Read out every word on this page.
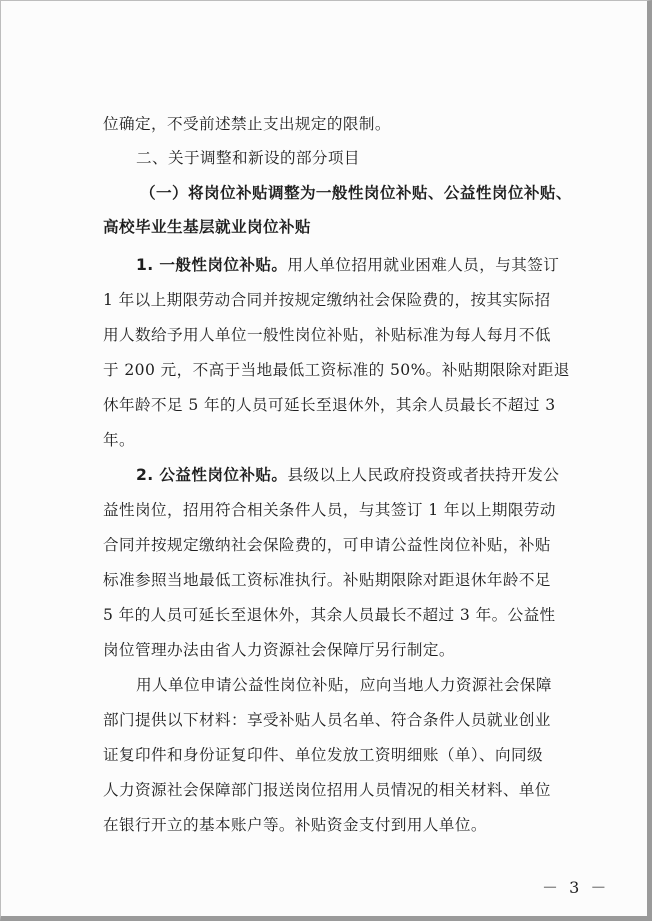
位确定，不受前述禁止支出规定的限制。
二、关于调整和新设的部分项目
（一）将岗位补贴调整为一般性岗位补贴、公益性岗位补贴、
高校毕业生基层就业岗位补贴
1. 一般性岗位补贴。用人单位招用就业困难人员，与其签订
1 年以上期限劳动合同并按规定缴纳社会保险费的，按其实际招
用人数给予用人单位一般性岗位补贴，补贴标准为每人每月不低
于 200 元，不高于当地最低工资标准的 50%。补贴期限除对距退
休年龄不足 5 年的人员可延长至退休外，其余人员最长不超过 3
年。
2. 公益性岗位补贴。县级以上人民政府投资或者扶持开发公
益性岗位，招用符合相关条件人员，与其签订 1 年以上期限劳动
合同并按规定缴纳社会保险费的，可申请公益性岗位补贴，补贴
标准参照当地最低工资标准执行。补贴期限除对距退休年龄不足
5 年的人员可延长至退休外，其余人员最长不超过 3 年。公益性
岗位管理办法由省人力资源社会保障厅另行制定。
用人单位申请公益性岗位补贴，应向当地人力资源社会保障
部门提供以下材料：享受补贴人员名单、符合条件人员就业创业
证复印件和身份证复印件、单位发放工资明细账（单）、向同级
人力资源社会保障部门报送岗位招用人员情况的相关材料、单位
在银行开立的基本账户等。补贴资金支付到用人单位。
－ 3 －
